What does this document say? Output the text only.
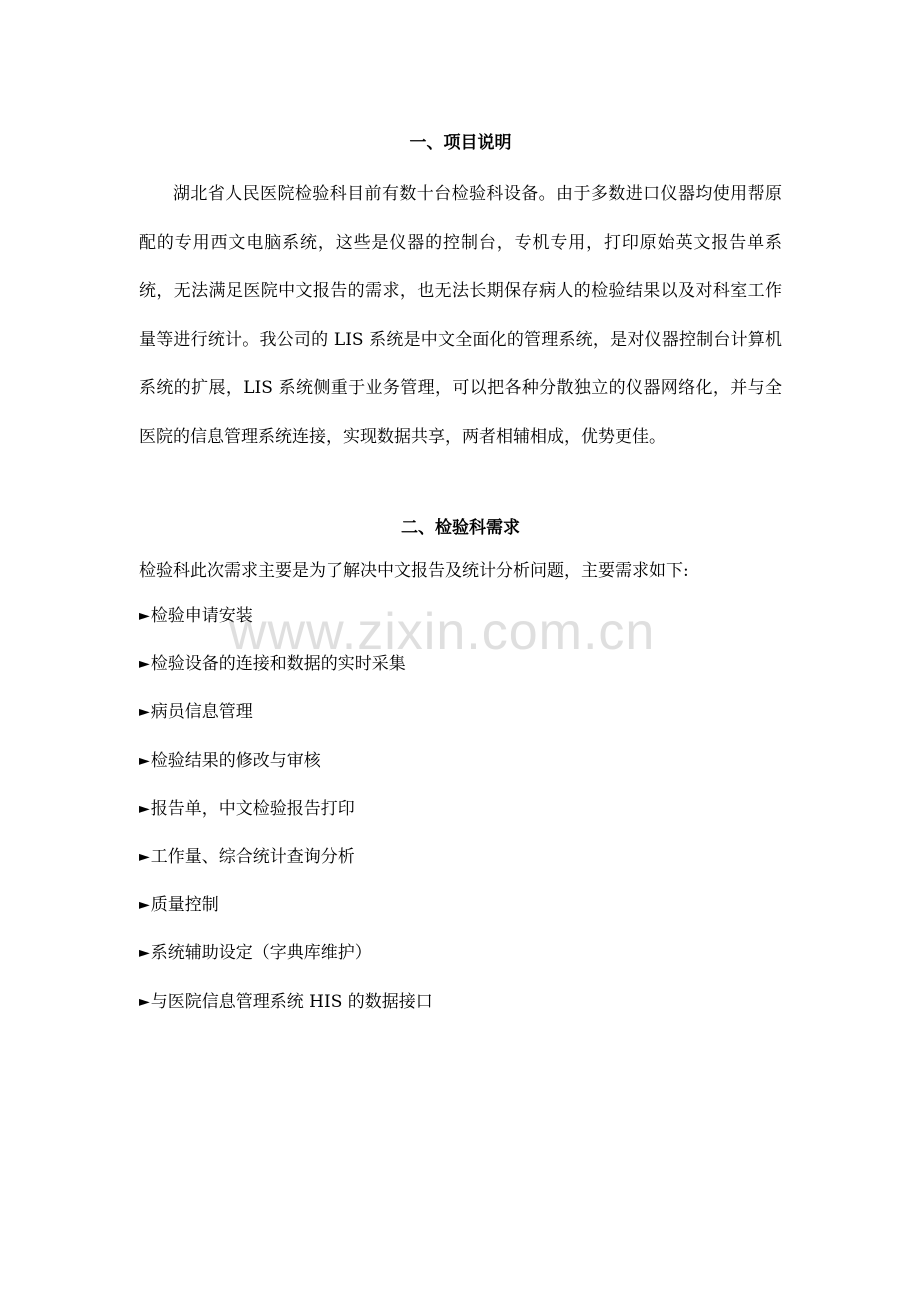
一、项目说明

湖北省人民医院检验科目前有数十台检验科设备。由于多数进口仪器均使用帮原配的专用西文电脑系统，这些是仪器的控制台，专机专用，打印原始英文报告单系统，无法满足医院中文报告的需求，也无法长期保存病人的检验结果以及对科室工作量等进行统计。我公司的 LIS 系统是中文全面化的管理系统，是对仪器控制台计算机系统的扩展，LIS 系统侧重于业务管理，可以把各种分散独立的仪器网络化，并与全医院的信息管理系统连接，实现数据共享，两者相辅相成，优势更佳。

二、检验科需求

检验科此次需求主要是为了解决中文报告及统计分析问题，主要需求如下:

► 检验申请安装
► 检验设备的连接和数据的实时采集
► 病员信息管理
► 检验结果的修改与审核
► 报告单，中文检验报告打印
► 工作量、综合统计查询分析
► 质量控制
► 系统辅助设定（字典库维护）
► 与医院信息管理系统 HIS 的数据接口
www.zixin.com.cn
